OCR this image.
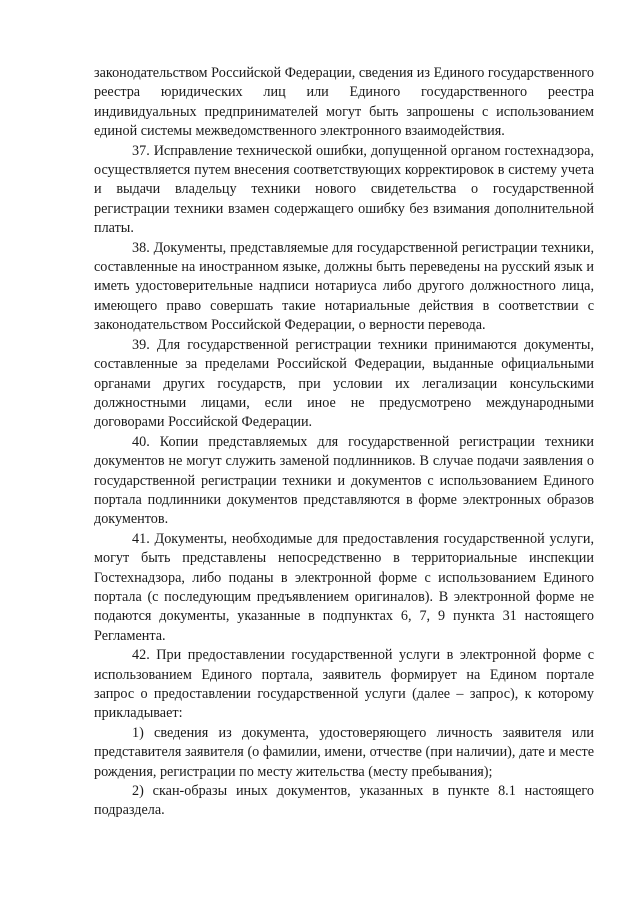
законодательством Российской Федерации, сведения из Единого государственного реестра юридических лиц или Единого государственного реестра индивидуальных предпринимателей могут быть запрошены с использованием единой системы межведомственного электронного взаимодействия.

37. Исправление технической ошибки, допущенной органом гостехнадзора, осуществляется путем внесения соответствующих корректировок в систему учета и выдачи владельцу техники нового свидетельства о государственной регистрации техники взамен содержащего ошибку без взимания дополнительной платы.

38. Документы, представляемые для государственной регистрации техники, составленные на иностранном языке, должны быть переведены на русский язык и иметь удостоверительные надписи нотариуса либо другого должностного лица, имеющего право совершать такие нотариальные действия в соответствии с законодательством Российской Федерации, о верности перевода.

39. Для государственной регистрации техники принимаются документы, составленные за пределами Российской Федерации, выданные официальными органами других государств, при условии их легализации консульскими должностными лицами, если иное не предусмотрено международными договорами Российской Федерации.

40. Копии представляемых для государственной регистрации техники документов не могут служить заменой подлинников. В случае подачи заявления о государственной регистрации техники и документов с использованием Единого портала подлинники документов представляются в форме электронных образов документов.

41. Документы, необходимые для предоставления государственной услуги, могут быть представлены непосредственно в территориальные инспекции Гостехнадзора, либо поданы в электронной форме с использованием Единого портала (с последующим предъявлением оригиналов). В электронной форме не подаются документы, указанные в подпунктах 6, 7, 9 пункта 31 настоящего Регламента.

42. При предоставлении государственной услуги в электронной форме с использованием Единого портала, заявитель формирует на Едином портале запрос о предоставлении государственной услуги (далее – запрос), к которому прикладывает:

1) сведения из документа, удостоверяющего личность заявителя или представителя заявителя (о фамилии, имени, отчестве (при наличии), дате и месте рождения, регистрации по месту жительства (месту пребывания);

2) скан-образы иных документов, указанных в пункте 8.1 настоящего подраздела.
